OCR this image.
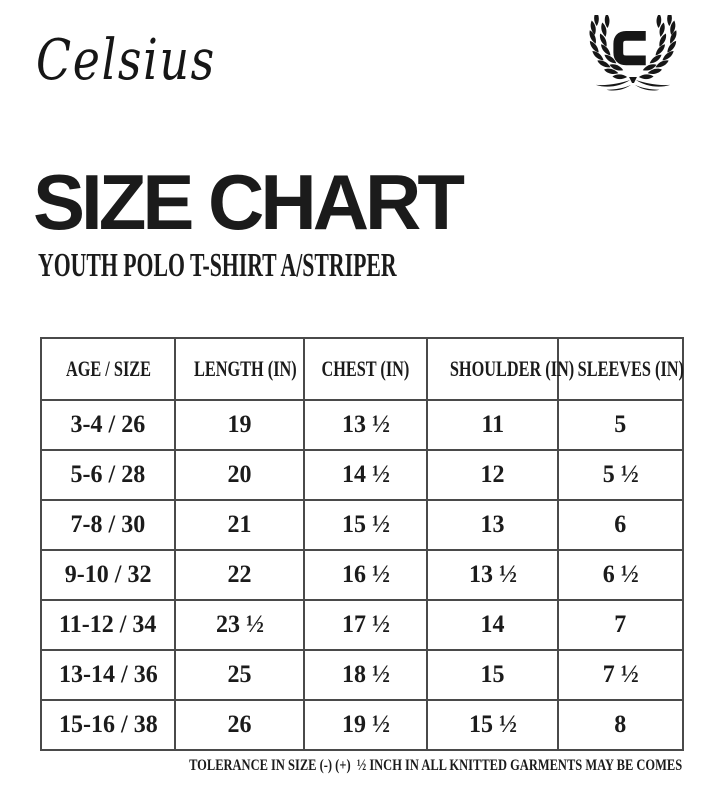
Celsius
SIZE CHART
YOUTH POLO T-SHIRT A/STRIPER
AGE / SIZE	LENGTH (IN)	CHEST (IN)	SHOULDER (IN)	SLEEVES (IN)
3-4 / 26	19	13 ½	11	5
5-6 / 28	20	14 ½	12	5 ½
7-8 / 30	21	15 ½	13	6
9-10 / 32	22	16 ½	13 ½	6 ½
11-12 / 34	23 ½	17 ½	14	7
13-14 / 36	25	18 ½	15	7 ½
15-16 / 38	26	19 ½	15 ½	8
TOLERANCE IN SIZE (-) (+)  ½ INCH IN ALL KNITTED GARMENTS MAY BE COMES
